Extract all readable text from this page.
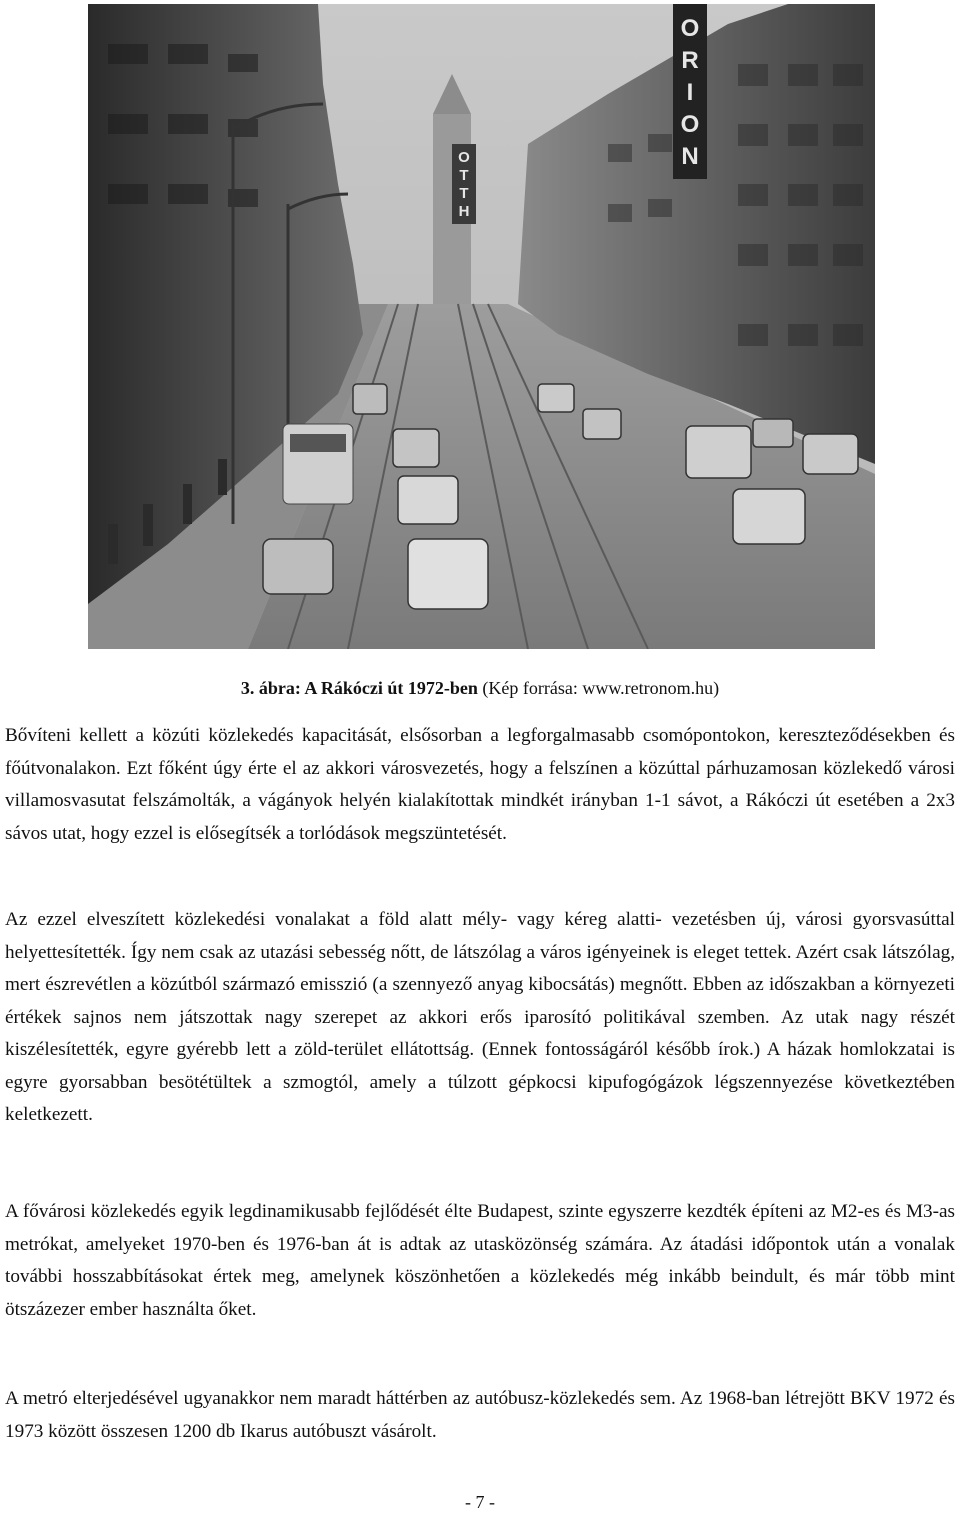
O
R
I
O
N
O
T
T
H
3. ábra: A Rákóczi út 1972-ben (Kép forrása: www.retronom.hu)

Bővíteni kellett a közúti közlekedés kapacitását, elsősorban a legforgalmasabb csomópontokon, kereszteződésekben és főútvonalakon. Ezt főként úgy érte el az akkori városvezetés, hogy a felszínen a közúttal párhuzamosan közlekedő városi villamosvasutat felszámolták, a vágányok helyén kialakítottak mindkét irányban 1-1 sávot, a Rákóczi út esetében a 2x3 sávos utat, hogy ezzel is elősegítsék a torlódások megszüntetését.

Az ezzel elveszített közlekedési vonalakat a föld alatt mély- vagy kéreg alatti- vezetésben új, városi gyorsvasúttal helyettesítették. Így nem csak az utazási sebesség nőtt, de látszólag a város igényeinek is eleget tettek. Azért csak látszólag, mert észrevétlen a közútból származó emisszió (a szennyező anyag kibocsátás) megnőtt. Ebben az időszakban a környezeti értékek sajnos nem játszottak nagy szerepet az akkori erős iparosító politikával szemben. Az utak nagy részét kiszélesítették, egyre gyérebb lett a zöld-terület ellátottság. (Ennek fontosságáról később írok.) A házak homlokzatai is egyre gyorsabban besötétültek a szmogtól, amely a túlzott gépkocsi kipufogógázok légszennyezése következtében keletkezett.

A fővárosi közlekedés egyik legdinamikusabb fejlődését élte Budapest, szinte egyszerre kezdték építeni az M2-es és M3-as metrókat, amelyeket 1970-ben és 1976-ban át is adtak az utasközönség számára. Az átadási időpontok után a vonalak további hosszabbításokat értek meg, amelynek köszönhetően a közlekedés még inkább beindult, és már több mint ötszázezer ember használta őket.

A metró elterjedésével ugyanakkor nem maradt háttérben az autóbusz-közlekedés sem. Az 1968-ban létrejött BKV 1972 és 1973 között összesen 1200 db Ikarus autóbuszt vásárolt.

- 7 -
